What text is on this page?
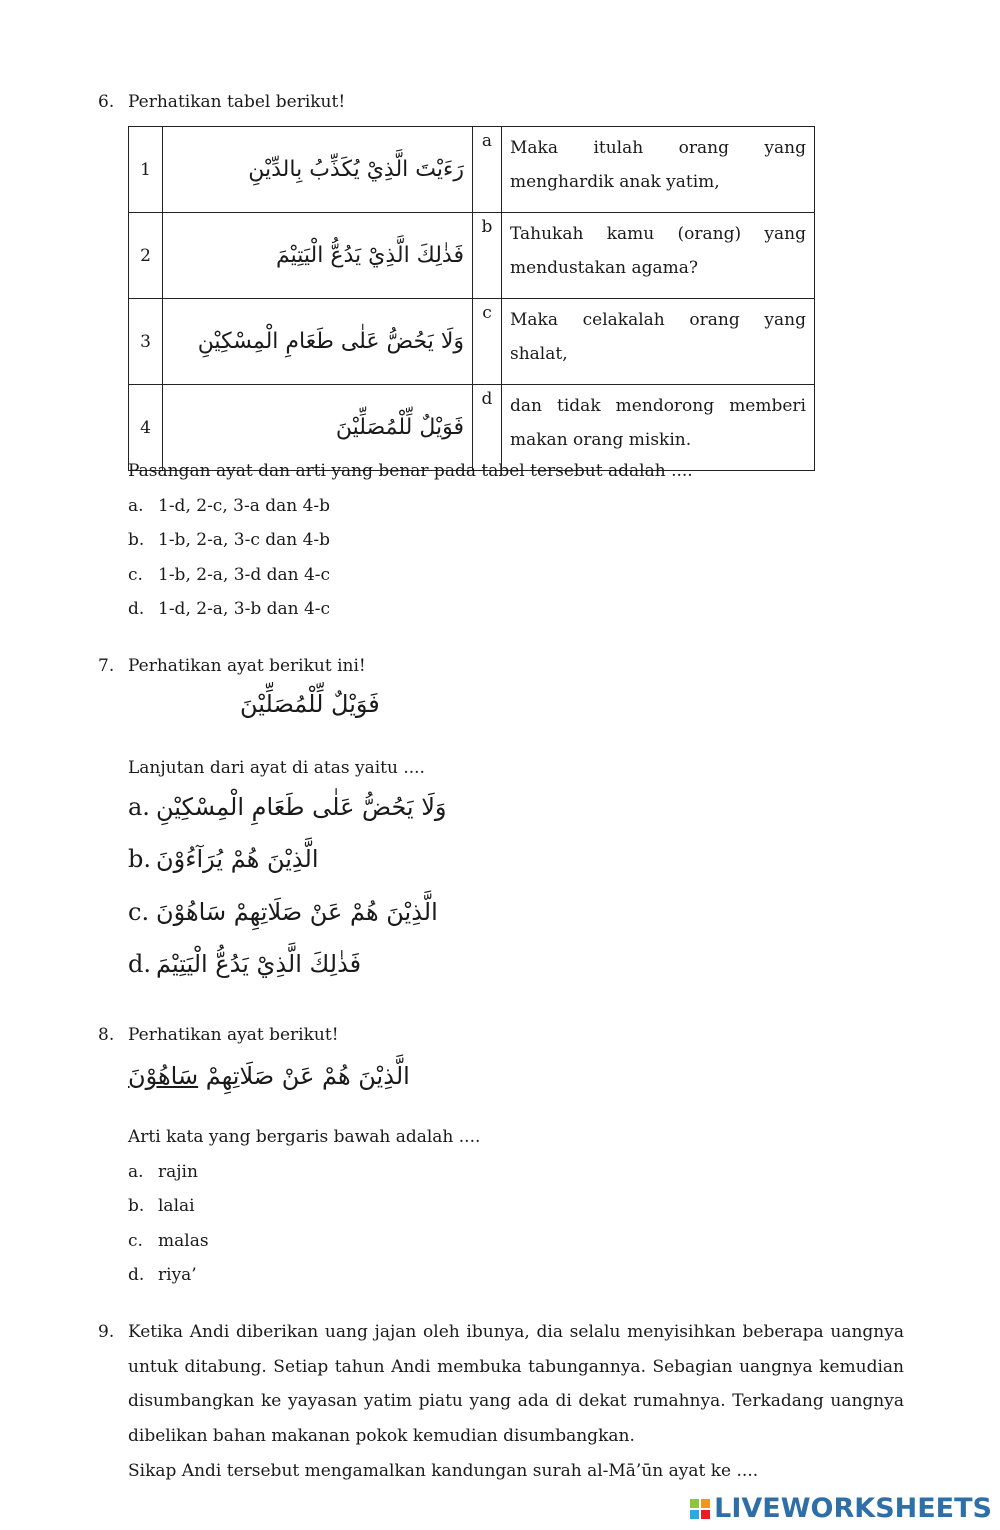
6. Perhatikan tabel berikut!
1	رَءَيْتَ الَّذِيْ يُكَذِّبُ بِالدِّيْنِ	a	Maka itulah orang yang menghardik anak yatim,
2	فَذٰلِكَ الَّذِيْ يَدُعُّ الْيَتِيْمَ	b	Tahukah kamu (orang) yang mendustakan agama?
3	وَلَا يَحُضُّ عَلٰى طَعَامِ الْمِسْكِيْنِ	c	Maka celakalah orang yang shalat,
4	فَوَيْلٌ لِّلْمُصَلِّيْنَ	d	dan tidak mendorong memberi makan orang miskin.
Pasangan ayat dan arti yang benar pada tabel tersebut adalah ....
a. 1-d, 2-c, 3-a dan 4-b
b. 1-b, 2-a, 3-c dan 4-b
c. 1-b, 2-a, 3-d dan 4-c
d. 1-d, 2-a, 3-b dan 4-c
7. Perhatikan ayat berikut ini!
فَوَيْلٌ لِّلْمُصَلِّيْنَ
Lanjutan dari ayat di atas yaitu ....
a. وَلَا يَحُضُّ عَلٰى طَعَامِ الْمِسْكِيْنِ
b. الَّذِيْنَ هُمْ يُرَآءُوْنَ
c. الَّذِيْنَ هُمْ عَنْ صَلَاتِهِمْ سَاهُوْنَ
d. فَذٰلِكَ الَّذِيْ يَدُعُّ الْيَتِيْمَ
8. Perhatikan ayat berikut!
الَّذِيْنَ هُمْ عَنْ صَلَاتِهِمْ سَاهُوْنَ
Arti kata yang bergaris bawah adalah ....
a. rajin
b. lalai
c. malas
d. riya’
9. Ketika Andi diberikan uang jajan oleh ibunya, dia selalu menyisihkan beberapa uangnya untuk ditabung. Setiap tahun Andi membuka tabungannya. Sebagian uangnya kemudian disumbangkan ke yayasan yatim piatu yang ada di dekat rumahnya. Terkadang uangnya dibelikan bahan makanan pokok kemudian disumbangkan.
Sikap Andi tersebut mengamalkan kandungan surah al-Mā’ūn ayat ke ....
LIVEWORKSHEETS
